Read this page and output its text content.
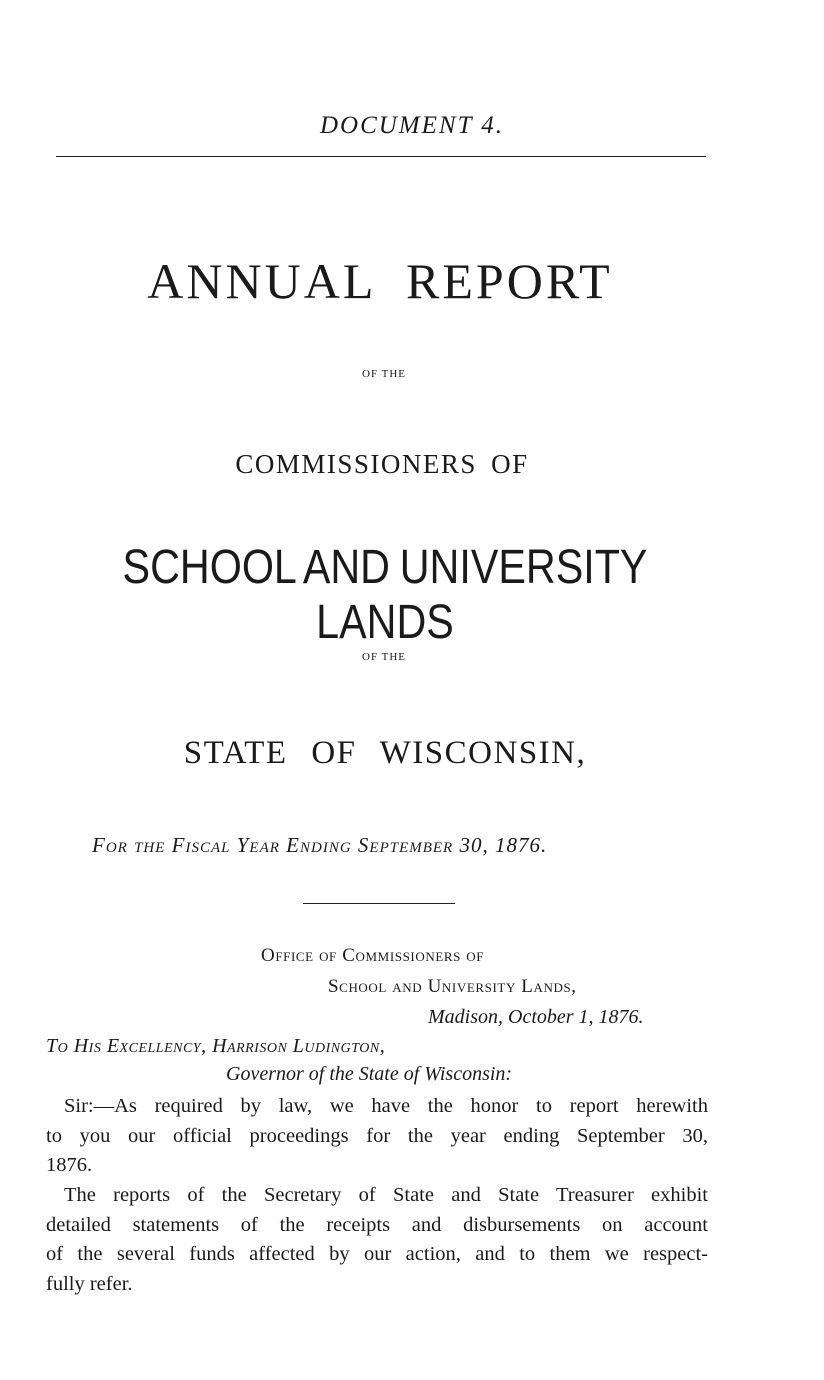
DOCUMENT 4.
ANNUAL REPORT
OF THE
COMMISSIONERS OF
SCHOOL AND UNIVERSITY LANDS
OF THE
STATE OF WISCONSIN,
For the Fiscal Year Ending September 30, 1876.
Office of Commissioners of
School and University Lands,
Madison, October 1, 1876.
To His Excellency, Harrison Ludington,
Governor of the State of Wisconsin:
Sir:—As required by law, we have the honor to report herewith
to you our official proceedings for the year ending September 30,
1876.
The reports of the Secretary of State and State Treasurer exhibit
detailed statements of the receipts and disbursements on account
of the several funds affected by our action, and to them we respect-
fully refer.
